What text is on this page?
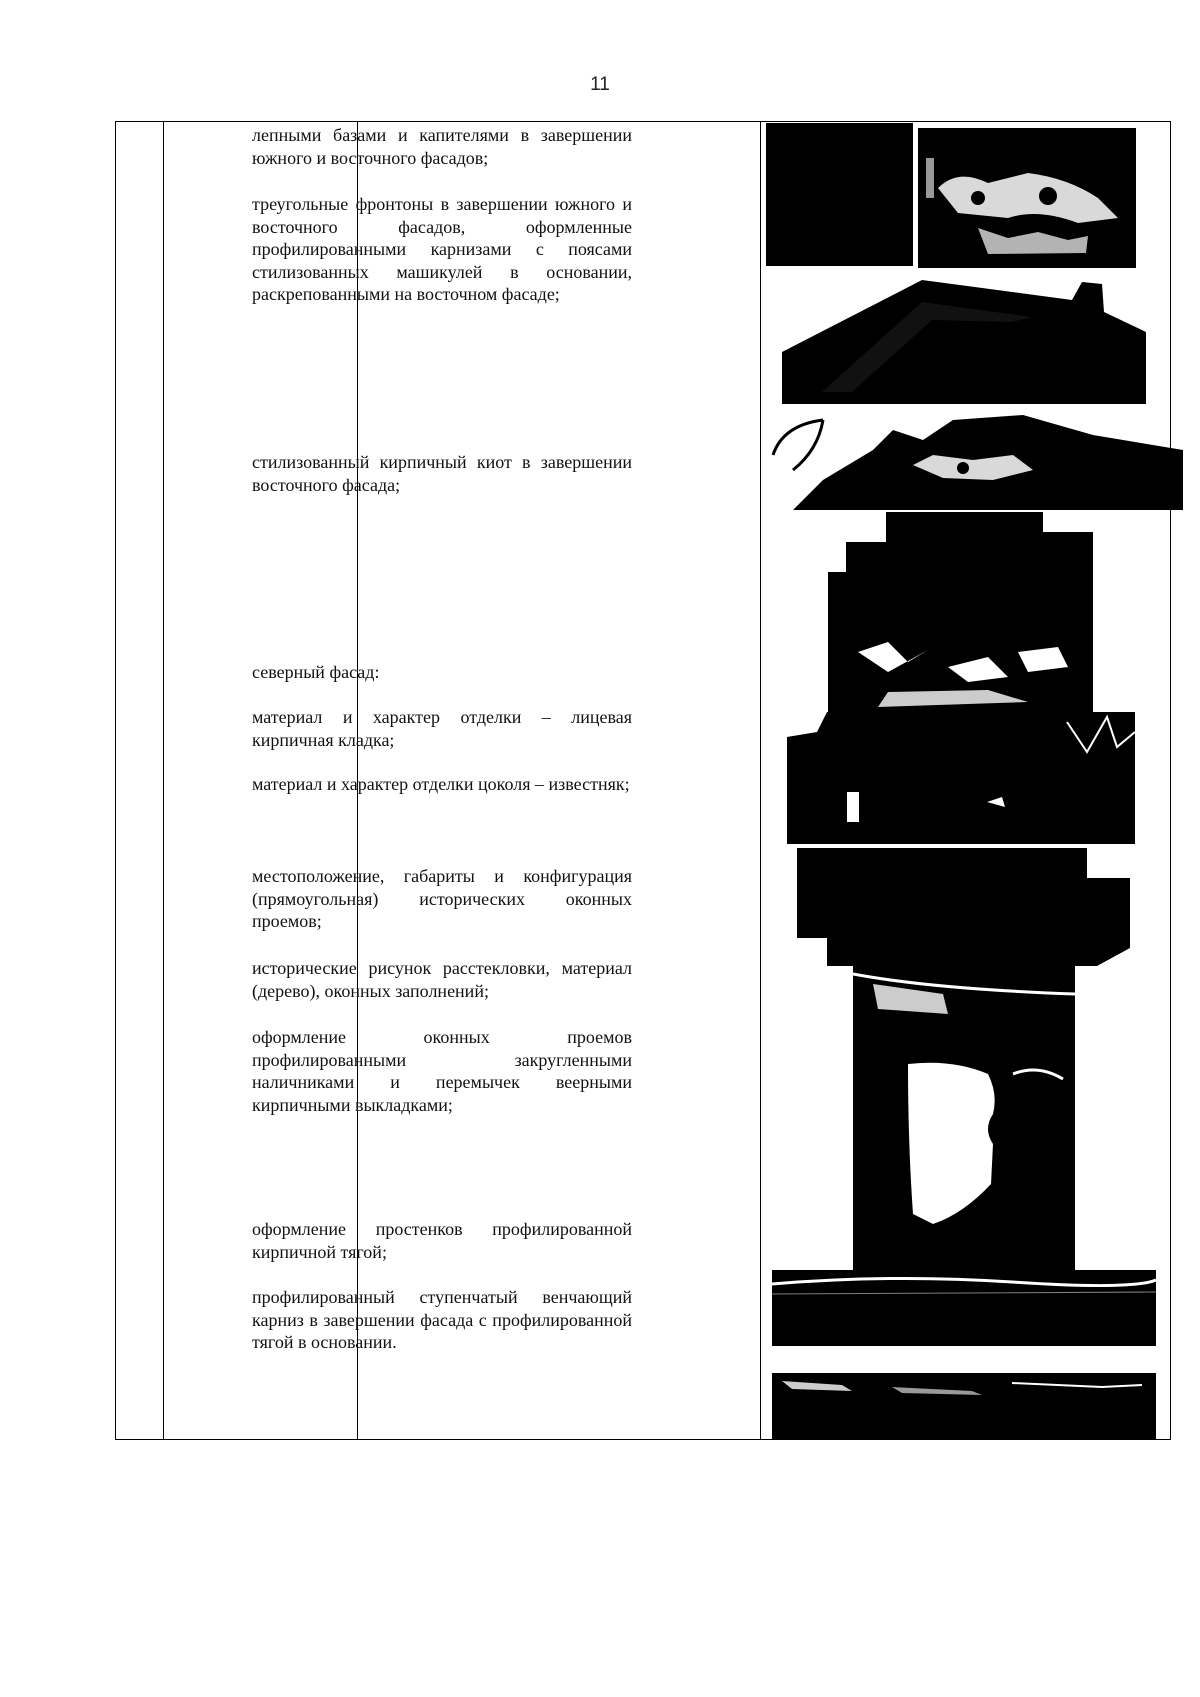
11

лепными базами и капителями в завершении южного и восточного фасадов;

треугольные фронтоны в завершении южного и восточного фасадов, оформленные профилированными карнизами с поясами стилизованных машикулей в основании, раскрепованными на восточном фасаде;

стилизованный кирпичный киот в завершении восточного фасада;

северный фасад:

материал и характер отделки – лицевая кирпичная кладка;

материал и характер отделки цоколя – известняк;

местоположение, габариты и конфигурация (прямоугольная) исторических оконных проемов;

исторические рисунок расстекловки, материал (дерево), оконных заполнений;

оформление оконных проемов профилированными закругленными наличниками и перемычек веерными кирпичными выкладками;

оформление простенков профилированной кирпичной тягой;

профилированный ступенчатый венчающий карниз в завершении фасада с профилированной тягой в основании.
